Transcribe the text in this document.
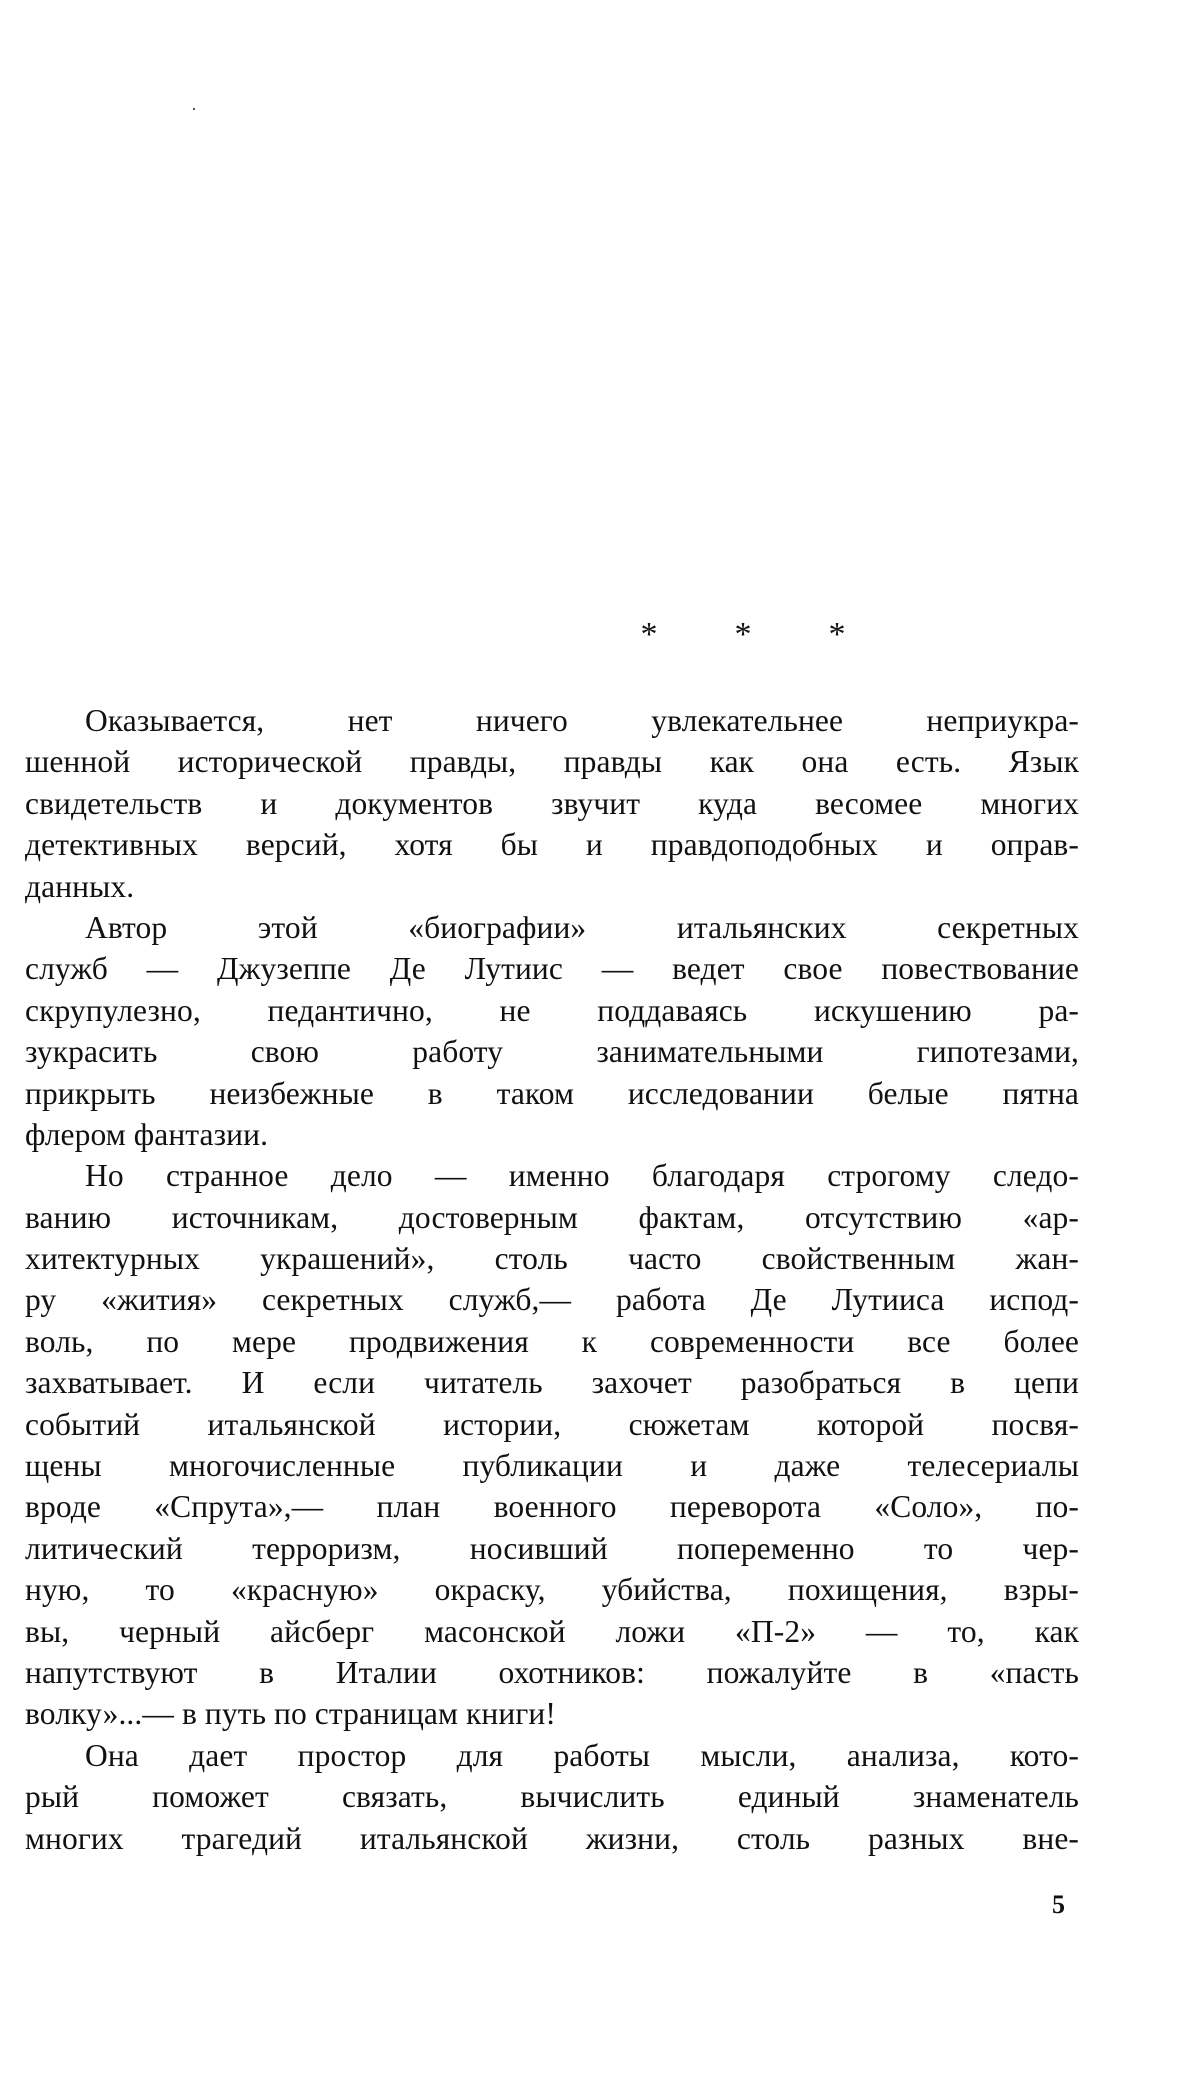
* * *
Оказывается, нет ничего увлекательнее неприукра-
шенной исторической правды, правды как она есть. Язык
свидетельств и документов звучит куда весомее многих
детективных версий, хотя бы и правдоподобных и оправ-
данных.
Автор этой «биографии» итальянских секретных
служб — Джузеппе Де Лутиис — ведет свое повествование
скрупулезно, педантично, не поддаваясь искушению ра-
зукрасить свою работу занимательными гипотезами,
прикрыть неизбежные в таком исследовании белые пятна
флером фантазии.
Но странное дело — именно благодаря строгому следо-
ванию источникам, достоверным фактам, отсутствию «ар-
хитектурных украшений», столь часто свойственным жан-
ру «жития» секретных служб,— работа Де Лутииса испод-
воль, по мере продвижения к современности все более
захватывает. И если читатель захочет разобраться в цепи
событий итальянской истории, сюжетам которой посвя-
щены многочисленные публикации и даже телесериалы
вроде «Спрута»,— план военного переворота «Соло», по-
литический терроризм, носивший попеременно то чер-
ную, то «красную» окраску, убийства, похищения, взры-
вы, черный айсберг масонской ложи «П-2» — то, как
напутствуют в Италии охотников: пожалуйте в «пасть
волку»...— в путь по страницам книги!
Она дает простор для работы мысли, анализа, кото-
рый поможет связать, вычислить единый знаменатель
многих трагедий итальянской жизни, столь разных вне-
5
